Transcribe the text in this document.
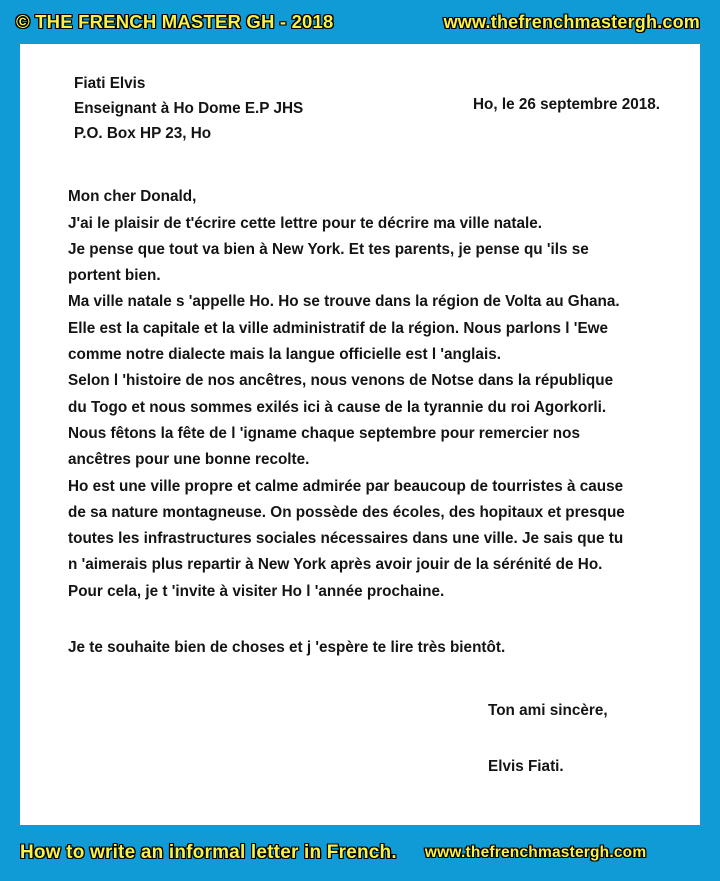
© THE FRENCH MASTER GH - 2018	www.thefrenchmastergh.com
Fiati Elvis
Enseignant à Ho Dome E.P JHS
P.O. Box HP 23, Ho
Ho, le 26 septembre 2018.
Mon cher Donald,
J'ai le plaisir de t'écrire cette lettre pour te décrire ma ville natale.
Je pense que tout va bien à New York. Et tes parents, je pense qu 'ils se
portent bien.
Ma ville natale s 'appelle Ho. Ho se trouve dans la région de Volta au Ghana.
Elle est la capitale et la ville administratif de la région. Nous parlons l 'Ewe
comme notre dialecte mais la langue officielle est l 'anglais.
Selon l 'histoire de nos ancêtres, nous venons de Notse dans la république
du Togo et nous sommes exilés ici à cause de la tyrannie du roi Agorkorli.
Nous fêtons la fête de l 'igname chaque septembre pour remercier nos
ancêtres pour une bonne recolte.
Ho est une ville propre et calme admirée par beaucoup de tourristes à cause
de sa nature montagneuse. On possède des écoles, des hopitaux et presque
toutes les infrastructures sociales nécessaires dans une ville. Je sais que tu
n 'aimerais plus repartir à New York après avoir jouir de la sérénité de Ho.
Pour cela, je t 'invite à visiter Ho l 'année prochaine.
Je te souhaite bien de choses et j 'espère te lire très bientôt.
Ton ami sincère,
Elvis Fiati.
How to write an informal letter in French. www.thefrenchmastergh.com
